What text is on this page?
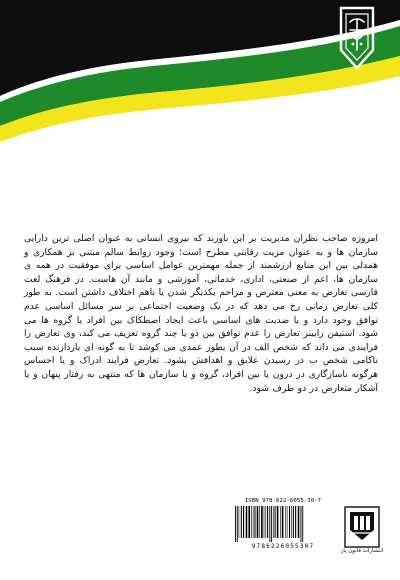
امروزه صاحب نظران مدیریت بر این باورند که نیروی انسانی به عنوان اصلی ترین دارایی سازمان ها و به عنوان مزیت رقابتی مطرح است؛ وجود روابط سالم مبتنی بر همکاری و همدلی بین این منابع ارزشمند از جمله مهمترین عوامل اساسی برای موفقیت در همه ی سازمان ها، اعم از صنعتی، اداری، خدماتی، آموزشی و مانند آن هاست. در فرهنگ لغت فارسی تعارض به معنی معترض و مزاحم یکدیگر شدن یا باهم اختلاف داشتن است. به طور کلی تعارض زمانی رخ می دهد که در یک وضعیت اجتماعی بر سر مسائل اساسی عدم توافق وجود دارد و یا ضدیت های اساسی باعث ایجاد اصطکاک بین افراد یا گروه ها می شود. استیفن رابینز تعارض را عدم توافق بین دو یا چند گروه تعریف می کند، وی تعارض را فرایندی می داند که شخص الف در آن بطور عمدی می کوشد تا به گونه ای بازدارنده سبب ناکامی شخص ب در رسیدن علایق و اهدافش بشود. تعارض فرایند ادراک و یا احساس هرگونه ناسازگاری در درون یا بین افراد، گروه و یا سازمان ها که منتهی به رفتار پنهان و یا آشکار متعارض در دو طرف شود.
ISBN 978-622-6055-30-7
9786226055307
انتشارات قانون یار
